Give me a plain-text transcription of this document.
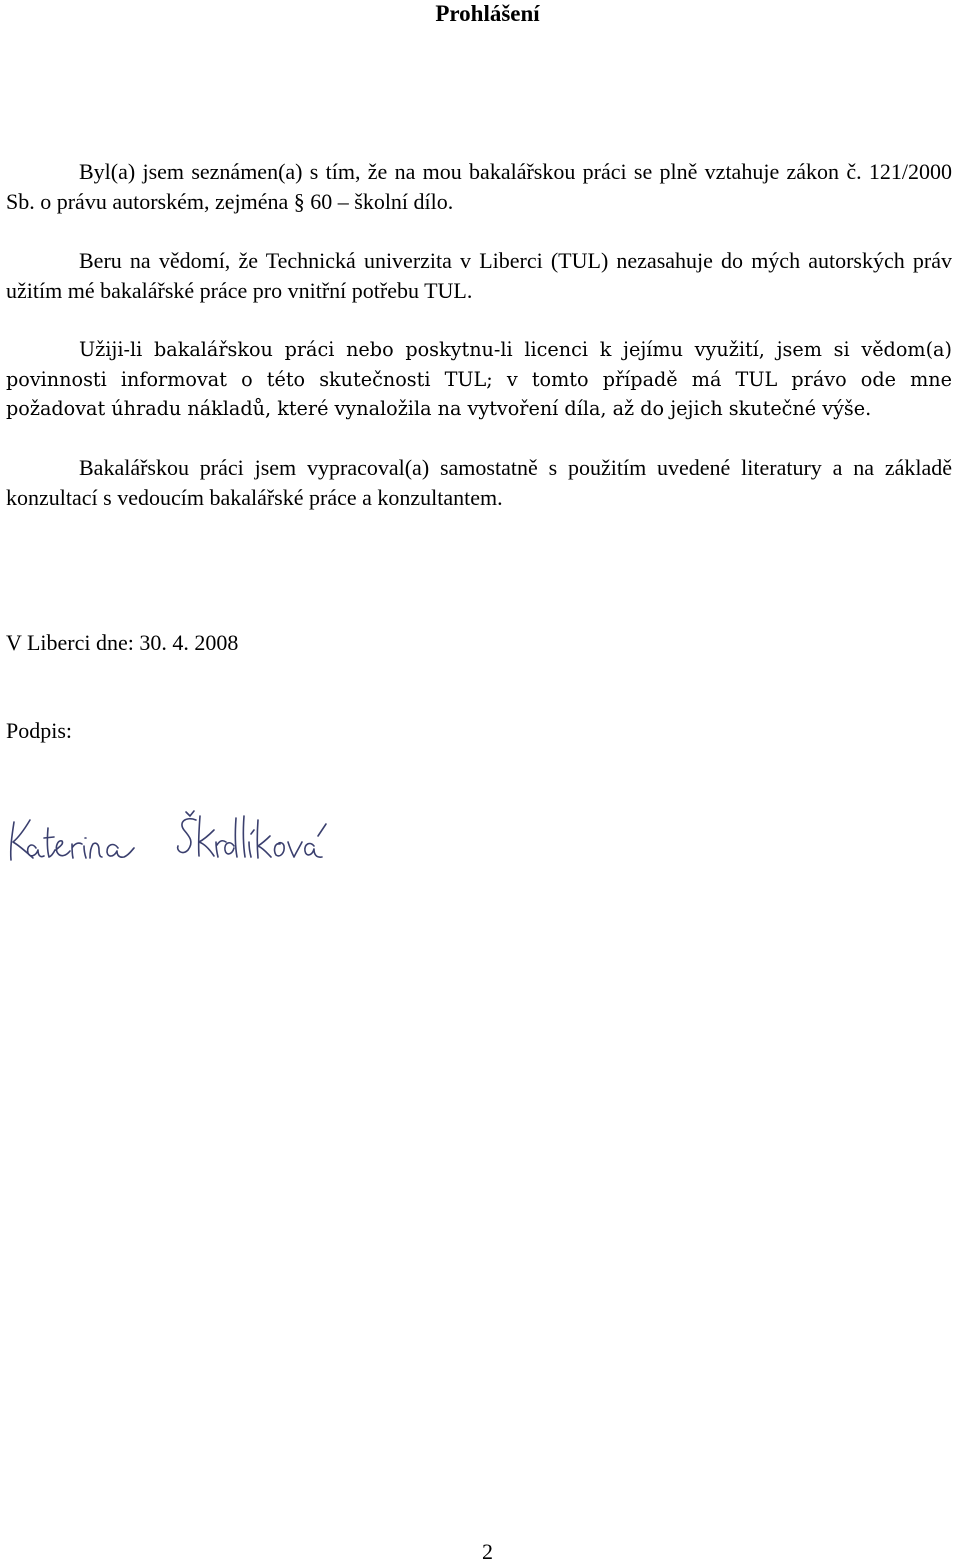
Prohlášení

Byl(a) jsem seznámen(a) s tím, že na mou bakalářskou práci se plně vztahuje zákon č. 121/2000 Sb. o právu autorském, zejména § 60 – školní dílo.

Beru na vědomí, že Technická univerzita v Liberci (TUL) nezasahuje do mých autorských práv užitím mé bakalářské práce pro vnitřní potřebu TUL.

Užiji-li bakalářskou práci nebo poskytnu-li licenci k jejímu využití, jsem si vědom(a) povinnosti informovat o této skutečnosti TUL; v tomto případě má TUL právo ode mne požadovat úhradu nákladů, které vynaložila na vytvoření díla, až do jejich skutečné výše.

Bakalářskou práci jsem vypracoval(a) samostatně s použitím uvedené literatury a na základě konzultací s vedoucím bakalářské práce a konzultantem.

V Liberci dne: 30. 4. 2008
Podpis:
2
